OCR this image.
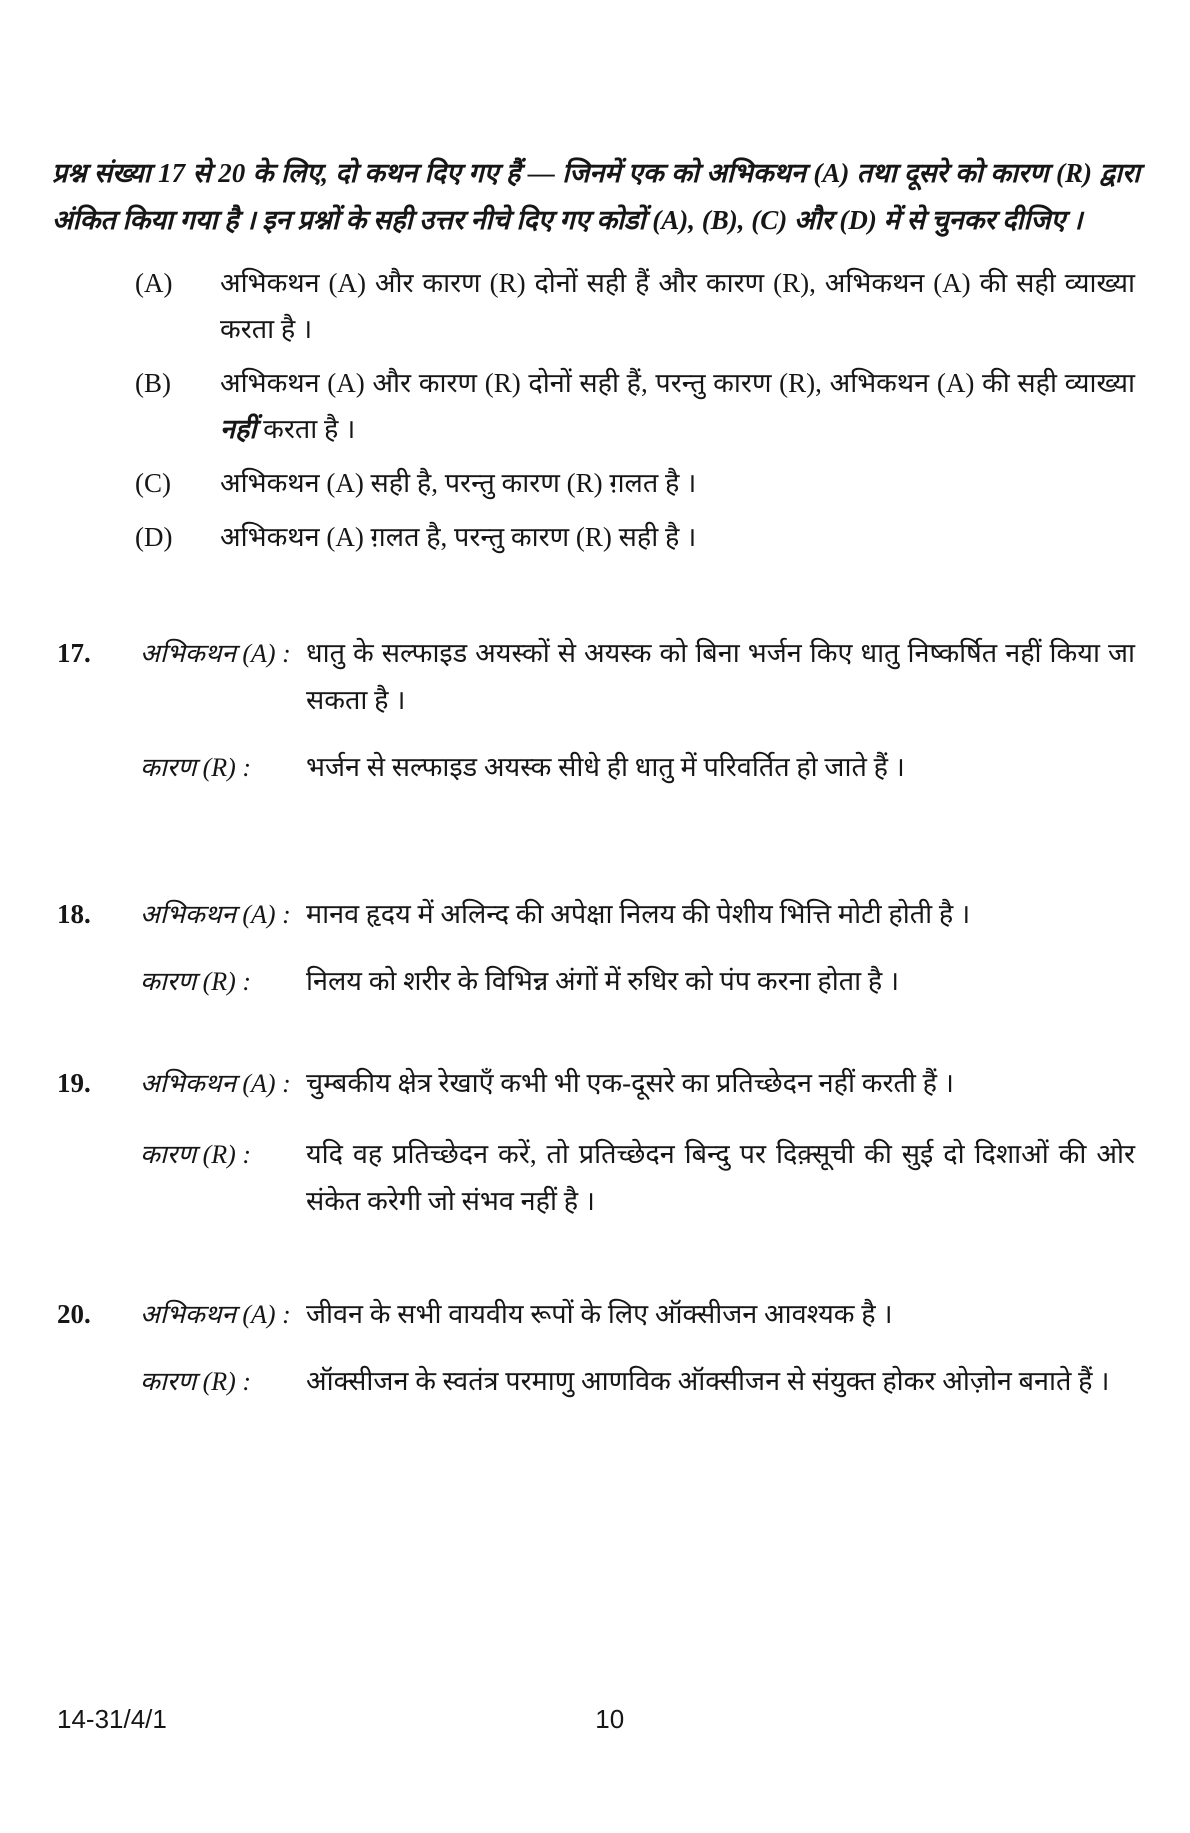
प्रश्न संख्या 17 से 20 के लिए, दो कथन दिए गए हैं — जिनमें एक को अभिकथन (A) तथा दूसरे को कारण (R) द्वारा अंकित किया गया है । इन प्रश्नों के सही उत्तर नीचे दिए गए कोडों (A), (B), (C) और (D) में से चुनकर दीजिए ।

(A)	अभिकथन (A) और कारण (R) दोनों सही हैं और कारण (R), अभिकथन (A) की सही व्याख्या करता है ।
(B)	अभिकथन (A) और कारण (R) दोनों सही हैं, परन्तु कारण (R), अभिकथन (A) की सही व्याख्या नहीं करता है ।
(C)	अभिकथन (A) सही है, परन्तु कारण (R) ग़लत है ।
(D)	अभिकथन (A) ग़लत है, परन्तु कारण (R) सही है ।
17.	अभिकथन (A) : धातु के सल्फाइड अयस्कों से अयस्क को बिना भर्जन किए धातु निष्कर्षित नहीं किया जा सकता है ।
कारण (R) :	भर्जन से सल्फाइड अयस्क सीधे ही धातु में परिवर्तित हो जाते हैं ।
18.	अभिकथन (A) : मानव हृदय में अलिन्द की अपेक्षा निलय की पेशीय भित्ति मोटी होती है ।
कारण (R) :	निलय को शरीर के विभिन्न अंगों में रुधिर को पंप करना होता है ।
19.	अभिकथन (A) : चुम्बकीय क्षेत्र रेखाएँ कभी भी एक-दूसरे का प्रतिच्छेदन नहीं करती हैं ।
कारण (R) :	यदि वह प्रतिच्छेदन करें, तो प्रतिच्छेदन बिन्दु पर दिक़्सूची की सुई दो दिशाओं की ओर संकेत करेगी जो संभव नहीं है ।
20.	अभिकथन (A) : जीवन के सभी वायवीय रूपों के लिए ऑक्सीजन आवश्यक है ।
कारण (R) :	ऑक्सीजन के स्वतंत्र परमाणु आणविक ऑक्सीजन से संयुक्त होकर ओज़ोन बनाते हैं ।
14-31/4/1	10
